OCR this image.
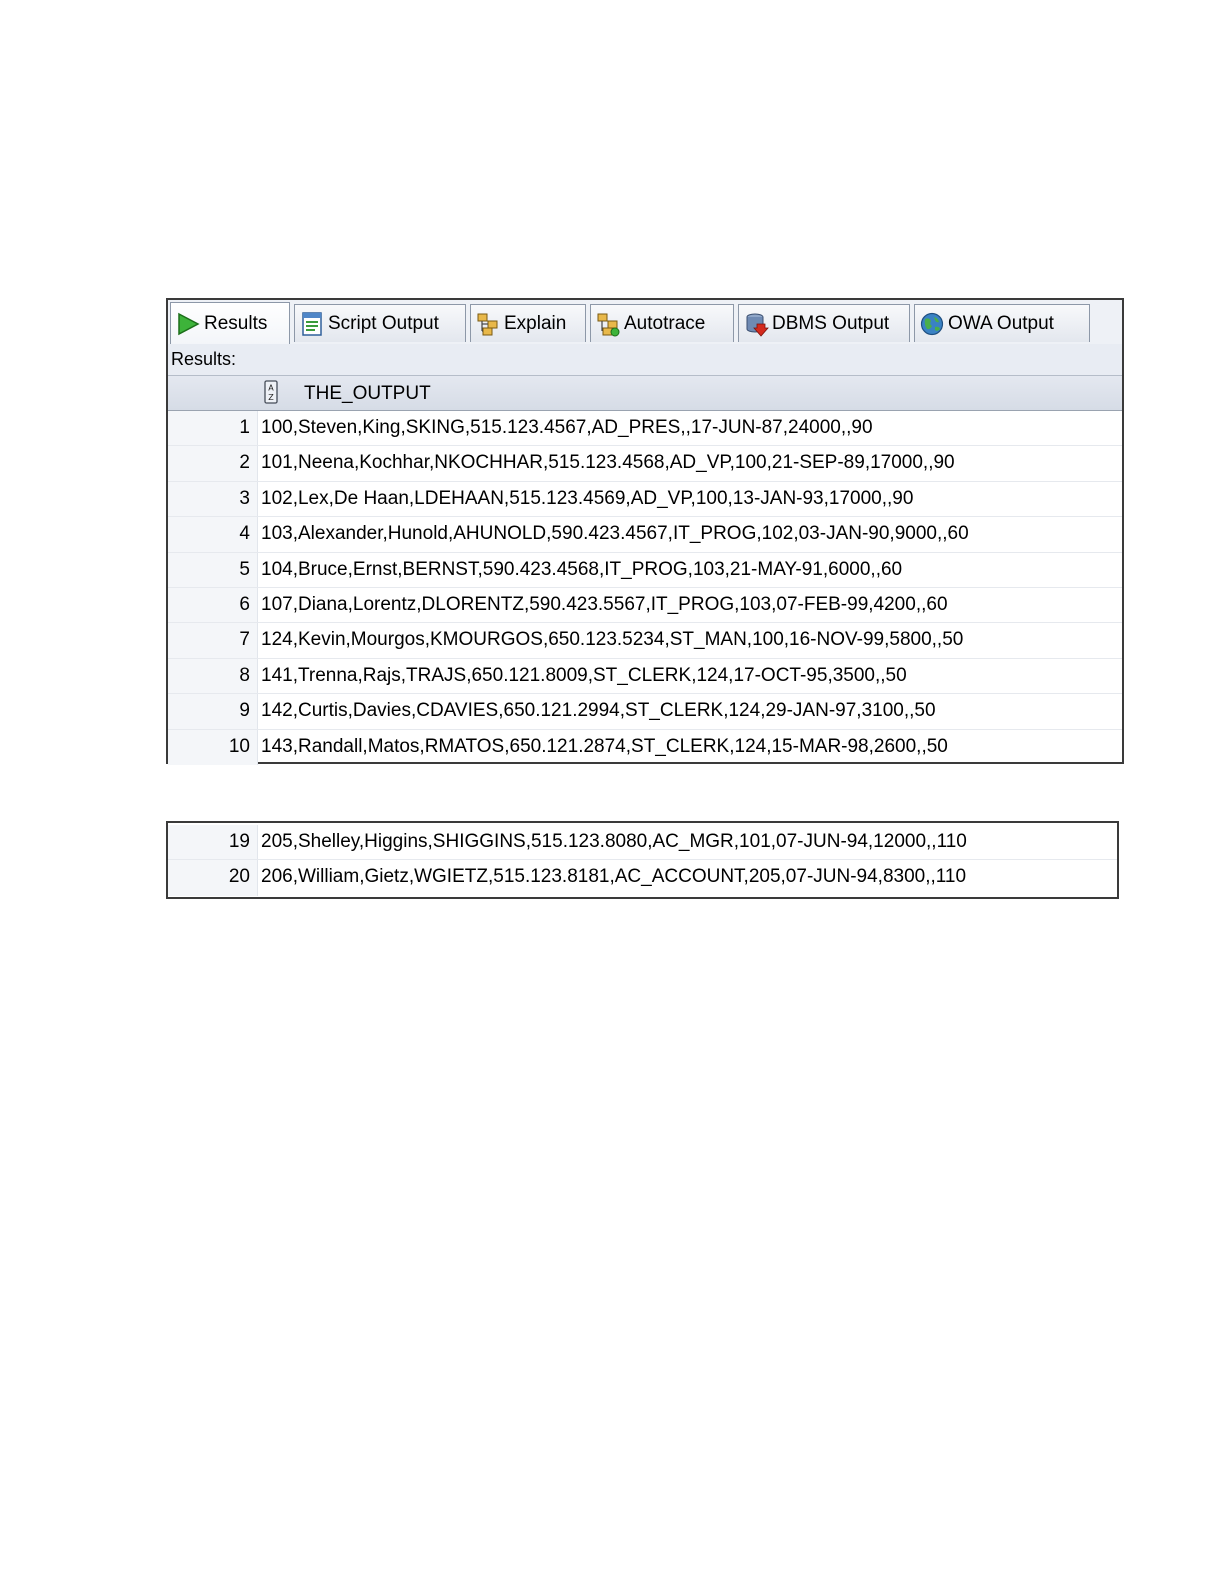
Results	Script Output	Explain	Autotrace	DBMS Output	OWA Output
Results:
A
Z THE_OUTPUT
1 100,Steven,King,SKING,515.123.4567,AD_PRES,,17-JUN-87,24000,,90
2 101,Neena,Kochhar,NKOCHHAR,515.123.4568,AD_VP,100,21-SEP-89,17000,,90
3 102,Lex,De Haan,LDEHAAN,515.123.4569,AD_VP,100,13-JAN-93,17000,,90
4 103,Alexander,Hunold,AHUNOLD,590.423.4567,IT_PROG,102,03-JAN-90,9000,,60
5 104,Bruce,Ernst,BERNST,590.423.4568,IT_PROG,103,21-MAY-91,6000,,60
6 107,Diana,Lorentz,DLORENTZ,590.423.5567,IT_PROG,103,07-FEB-99,4200,,60
7 124,Kevin,Mourgos,KMOURGOS,650.123.5234,ST_MAN,100,16-NOV-99,5800,,50
8 141,Trenna,Rajs,TRAJS,650.121.8009,ST_CLERK,124,17-OCT-95,3500,,50
9 142,Curtis,Davies,CDAVIES,650.121.2994,ST_CLERK,124,29-JAN-97,3100,,50
10 143,Randall,Matos,RMATOS,650.121.2874,ST_CLERK,124,15-MAR-98,2600,,50
19 205,Shelley,Higgins,SHIGGINS,515.123.8080,AC_MGR,101,07-JUN-94,12000,,110
20 206,William,Gietz,WGIETZ,515.123.8181,AC_ACCOUNT,205,07-JUN-94,8300,,110
